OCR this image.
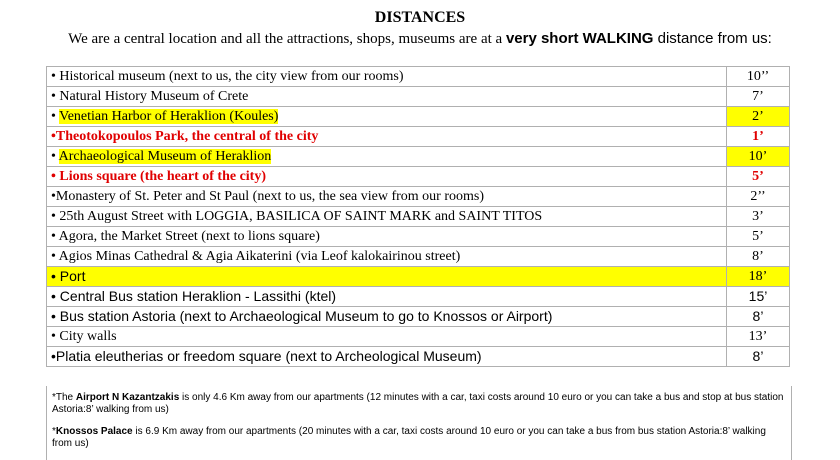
DISTANCES
We are a central location and all the attractions, shops, museums are at a very short WALKING distance from us:
• Historical museum (next to us, the city view from our rooms)	10’’
• Natural History Museum of Crete	7’
• Venetian Harbor of Heraklion (Koules)	2’
•Theotokopoulos Park, the central of the city	1’
• Archaeological Museum of Heraklion	10’
• Lions square (the heart of the city)	5’
•Monastery of St. Peter and St Paul (next to us, the sea view from our rooms)	2’’
• 25th August Street with LOGGIA, BASILICA OF SAINT MARK and SAINT TITOS	3’
• Agora, the Market Street (next to lions square)	5’
• Agios Minas Cathedral & Agia Aikaterini (via Leof kalokairinou street)	8’
• Port	18’
• Central Bus station Heraklion - Lassithi (ktel)	15’
• Bus station Astoria (next to Archaeological Museum to go to Knossos or Airport)	8’
• City walls	13’
•Platia eleutherias or freedom square (next to Archeological Museum)	8’
*The Airport N Kazantzakis is only 4.6 Km away from our apartments (12 minutes with a car, taxi costs around 10 euro or you can take a bus and stop at bus station Astoria:8’ walking from us)
*Knossos Palace is 6.9 Km away from our apartments (20 minutes with a car, taxi costs around 10 euro or you can take a bus from bus station Astoria:8’ walking from us)
